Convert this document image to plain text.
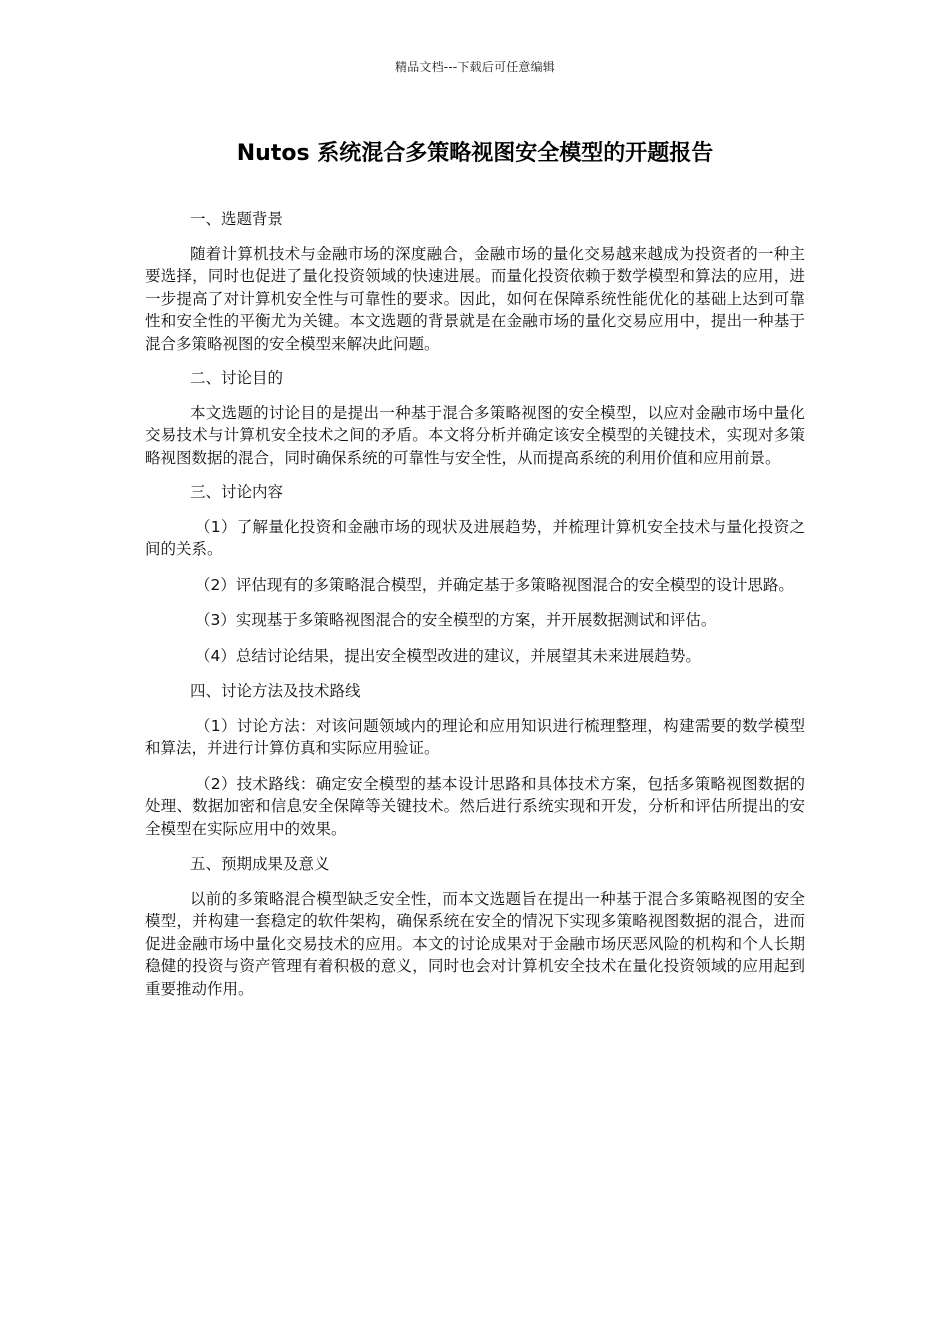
精品文档---下载后可任意编辑
Nutos 系统混合多策略视图安全模型的开题报告

一、选题背景

随着计算机技术与金融市场的深度融合，金融市场的量化交易越来越成为投资者的一种主要选择，同时也促进了量化投资领域的快速进展。而量化投资依赖于数学模型和算法的应用，进一步提高了对计算机安全性与可靠性的要求。因此，如何在保障系统性能优化的基础上达到可靠性和安全性的平衡尤为关键。本文选题的背景就是在金融市场的量化交易应用中，提出一种基于混合多策略视图的安全模型来解决此问题。

二、讨论目的

本文选题的讨论目的是提出一种基于混合多策略视图的安全模型，以应对金融市场中量化交易技术与计算机安全技术之间的矛盾。本文将分析并确定该安全模型的关键技术，实现对多策略视图数据的混合，同时确保系统的可靠性与安全性，从而提高系统的利用价值和应用前景。

三、讨论内容

（1）了解量化投资和金融市场的现状及进展趋势，并梳理计算机安全技术与量化投资之间的关系。

（2）评估现有的多策略混合模型，并确定基于多策略视图混合的安全模型的设计思路。

（3）实现基于多策略视图混合的安全模型的方案，并开展数据测试和评估。

（4）总结讨论结果，提出安全模型改进的建议，并展望其未来进展趋势。

四、讨论方法及技术路线

（1）讨论方法：对该问题领域内的理论和应用知识进行梳理整理，构建需要的数学模型和算法，并进行计算仿真和实际应用验证。

（2）技术路线：确定安全模型的基本设计思路和具体技术方案，包括多策略视图数据的处理、数据加密和信息安全保障等关键技术。然后进行系统实现和开发，分析和评估所提出的安全模型在实际应用中的效果。

五、预期成果及意义

以前的多策略混合模型缺乏安全性，而本文选题旨在提出一种基于混合多策略视图的安全模型，并构建一套稳定的软件架构，确保系统在安全的情况下实现多策略视图数据的混合，进而促进金融市场中量化交易技术的应用。本文的讨论成果对于金融市场厌恶风险的机构和个人长期稳健的投资与资产管理有着积极的意义，同时也会对计算机安全技术在量化投资领域的应用起到重要推动作用。
